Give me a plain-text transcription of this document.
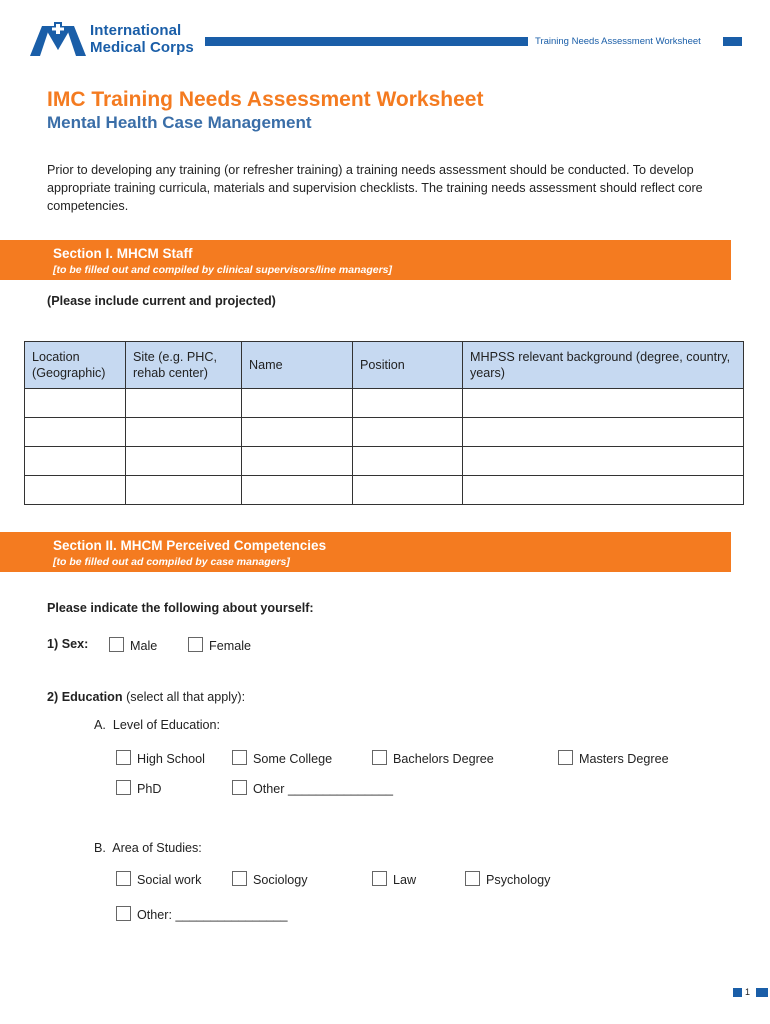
International
Medical Corps	Training Needs Assessment Worksheet
IMC Training Needs Assessment Worksheet
Mental Health Case Management
Prior to developing any training (or refresher training) a training needs assessment should be conducted. To develop appropriate training curricula, materials and supervision checklists. The training needs assessment should reflect core competencies.
Section I. MHCM Staff
[to be filled out and compiled by clinical supervisors/line managers]
(Please include current and projected)
Location (Geographic)	Site (e.g. PHC, rehab center)	Name	Position	MHPSS relevant background (degree, country, years)

Section II. MHCM Perceived Competencies
[to be filled out ad compiled by case managers]
Please indicate the following about yourself:
1) Sex:	Male	Female
2) Education (select all that apply):
A.  Level of Education:
High School	Some College	Bachelors Degree	Masters Degree
PhD	Other _______________
B.  Area of Studies:
Social work	Sociology	Law	Psychology
Other: ________________
1
